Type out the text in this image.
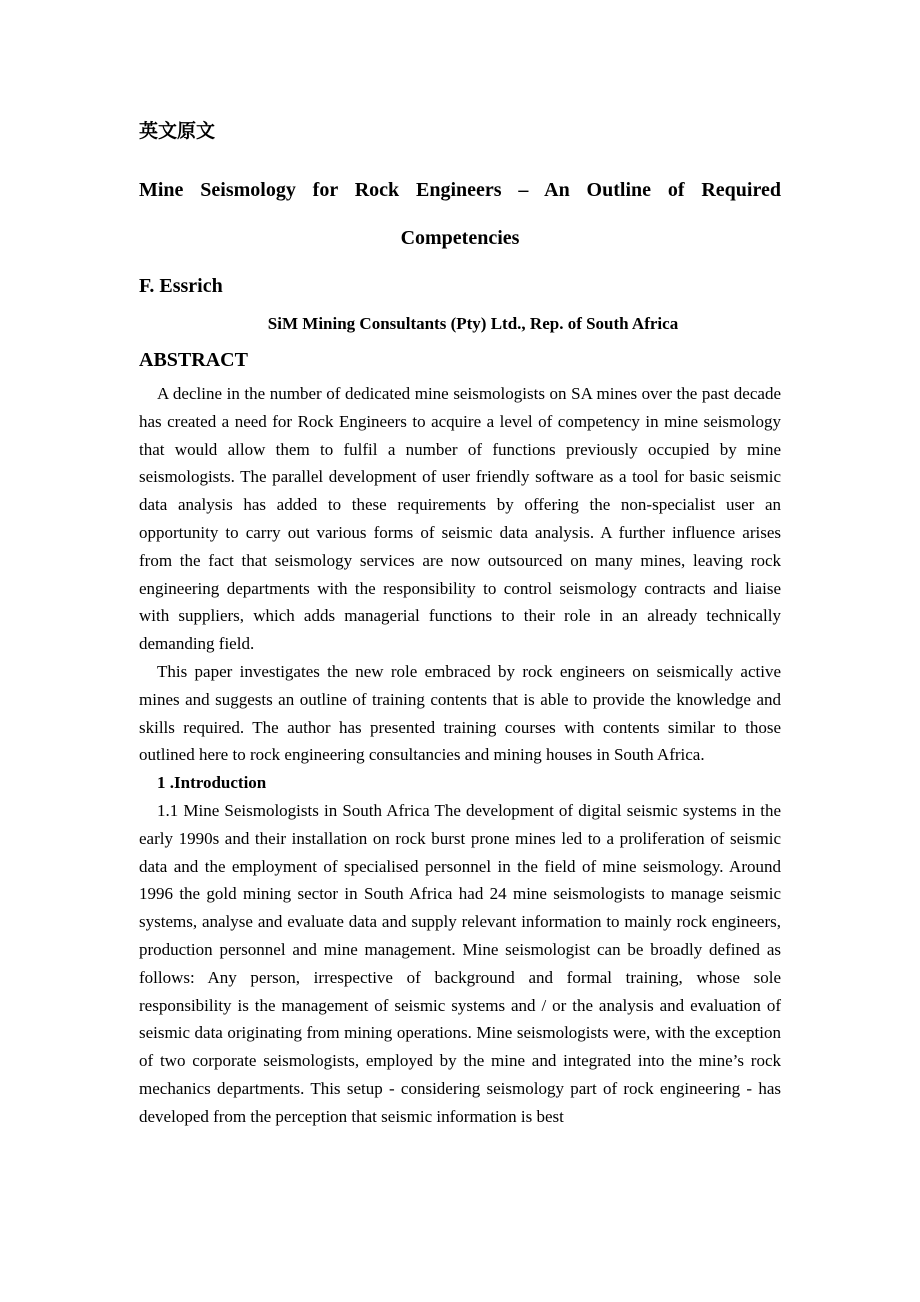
英文原文
Mine Seismology for Rock Engineers – An Outline of Required
Competencies
F. Essrich
SiM Mining Consultants (Pty) Ltd., Rep. of South Africa
ABSTRACT

A decline in the number of dedicated mine seismologists on SA mines over the past decade has created a need for Rock Engineers to acquire a level of competency in mine seismology that would allow them to fulfil a number of functions previously occupied by mine seismologists. The parallel development of user friendly software as a tool for basic seismic data analysis has added to these requirements by offering the non-specialist user an opportunity to carry out various forms of seismic data analysis. A further influence arises from the fact that seismology services are now outsourced on many mines, leaving rock engineering departments with the responsibility to control seismology contracts and liaise with suppliers, which adds managerial functions to their role in an already technically demanding field.

This paper investigates the new role embraced by rock engineers on seismically active mines and suggests an outline of training contents that is able to provide the knowledge and skills required. The author has presented training courses with contents similar to those outlined here to rock engineering consultancies and mining houses in South Africa.

1 .Introduction

1.1 Mine Seismologists in South Africa The development of digital seismic systems in the early 1990s and their installation on rock burst prone mines led to a proliferation of seismic data and the employment of specialised personnel in the field of mine seismology. Around 1996 the gold mining sector in South Africa had 24 mine seismologists to manage seismic systems, analyse and evaluate data and supply relevant information to mainly rock engineers, production personnel and mine management. Mine seismologist can be broadly defined as follows: Any person, irrespective of background and formal training, whose sole responsibility is the management of seismic systems and / or the analysis and evaluation of seismic data originating from mining operations. Mine seismologists were, with the exception of two corporate seismologists, employed by the mine and integrated into the mine’s rock mechanics departments. This setup - considering seismology part of rock engineering - has developed from the perception that seismic information is best
